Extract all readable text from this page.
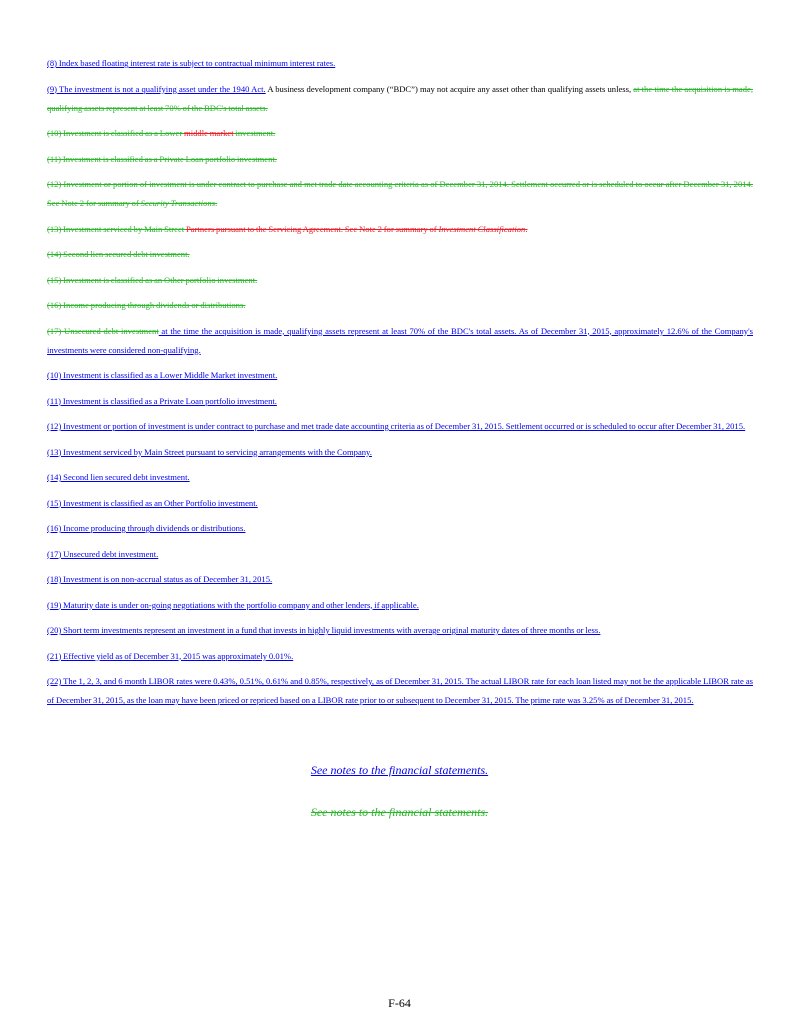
(8) Index based floating interest rate is subject to contractual minimum interest rates.

(9) The investment is not a qualifying asset under the 1940 Act. A business development company (“BDC”) may not acquire any asset other than qualifying assets unless, at the time the acquisition is made, qualifying assets represent at least 70% of the BDC's total assets.

(10) Investment is classified as a Lower middle market investment.

(11) Investment is classified as a Private Loan portfolio investment.

(12) Investment or portion of investment is under contract to purchase and met trade date accounting criteria as of December 31, 2014. Settlement occurred or is scheduled to occur after December 31, 2014. See Note 2 for summary of Security Transactions.

(13) Investment serviced by Main Street Partners pursuant to the Servicing Agreement. See Note 2 for summary of Investment Classification.

(14) Second lien secured debt investment.

(15) Investment is classified as an Other portfolio investment.

(16) Income producing through dividends or distributions.

(17) Unsecured debt investment at the time the acquisition is made, qualifying assets represent at least 70% of the BDC's total assets. As of December 31, 2015, approximately 12.6% of the Company's investments were considered non-qualifying.

(10) Investment is classified as a Lower Middle Market investment.

(11) Investment is classified as a Private Loan portfolio investment.

(12) Investment or portion of investment is under contract to purchase and met trade date accounting criteria as of December 31, 2015. Settlement occurred or is scheduled to occur after December 31, 2015.

(13) Investment serviced by Main Street pursuant to servicing arrangements with the Company.

(14) Second lien secured debt investment.

(15) Investment is classified as an Other Portfolio investment.

(16) Income producing through dividends or distributions.

(17) Unsecured debt investment.

(18) Investment is on non-accrual status as of December 31, 2015.

(19) Maturity date is under on-going negotiations with the portfolio company and other lenders, if applicable.

(20) Short term investments represent an investment in a fund that invests in highly liquid investments with average original maturity dates of three months or less.

(21) Effective yield as of December 31, 2015 was approximately 0.01%.

(22) The 1, 2, 3, and 6 month LIBOR rates were 0.43%, 0.51%, 0.61% and 0.85%, respectively, as of December 31, 2015. The actual LIBOR rate for each loan listed may not be the applicable LIBOR rate as of December 31, 2015, as the loan may have been priced or repriced based on a LIBOR rate prior to or subsequent to December 31, 2015. The prime rate was 3.25% as of December 31, 2015.

See notes to the financial statements.
See notes to the financial statements.
F-64
